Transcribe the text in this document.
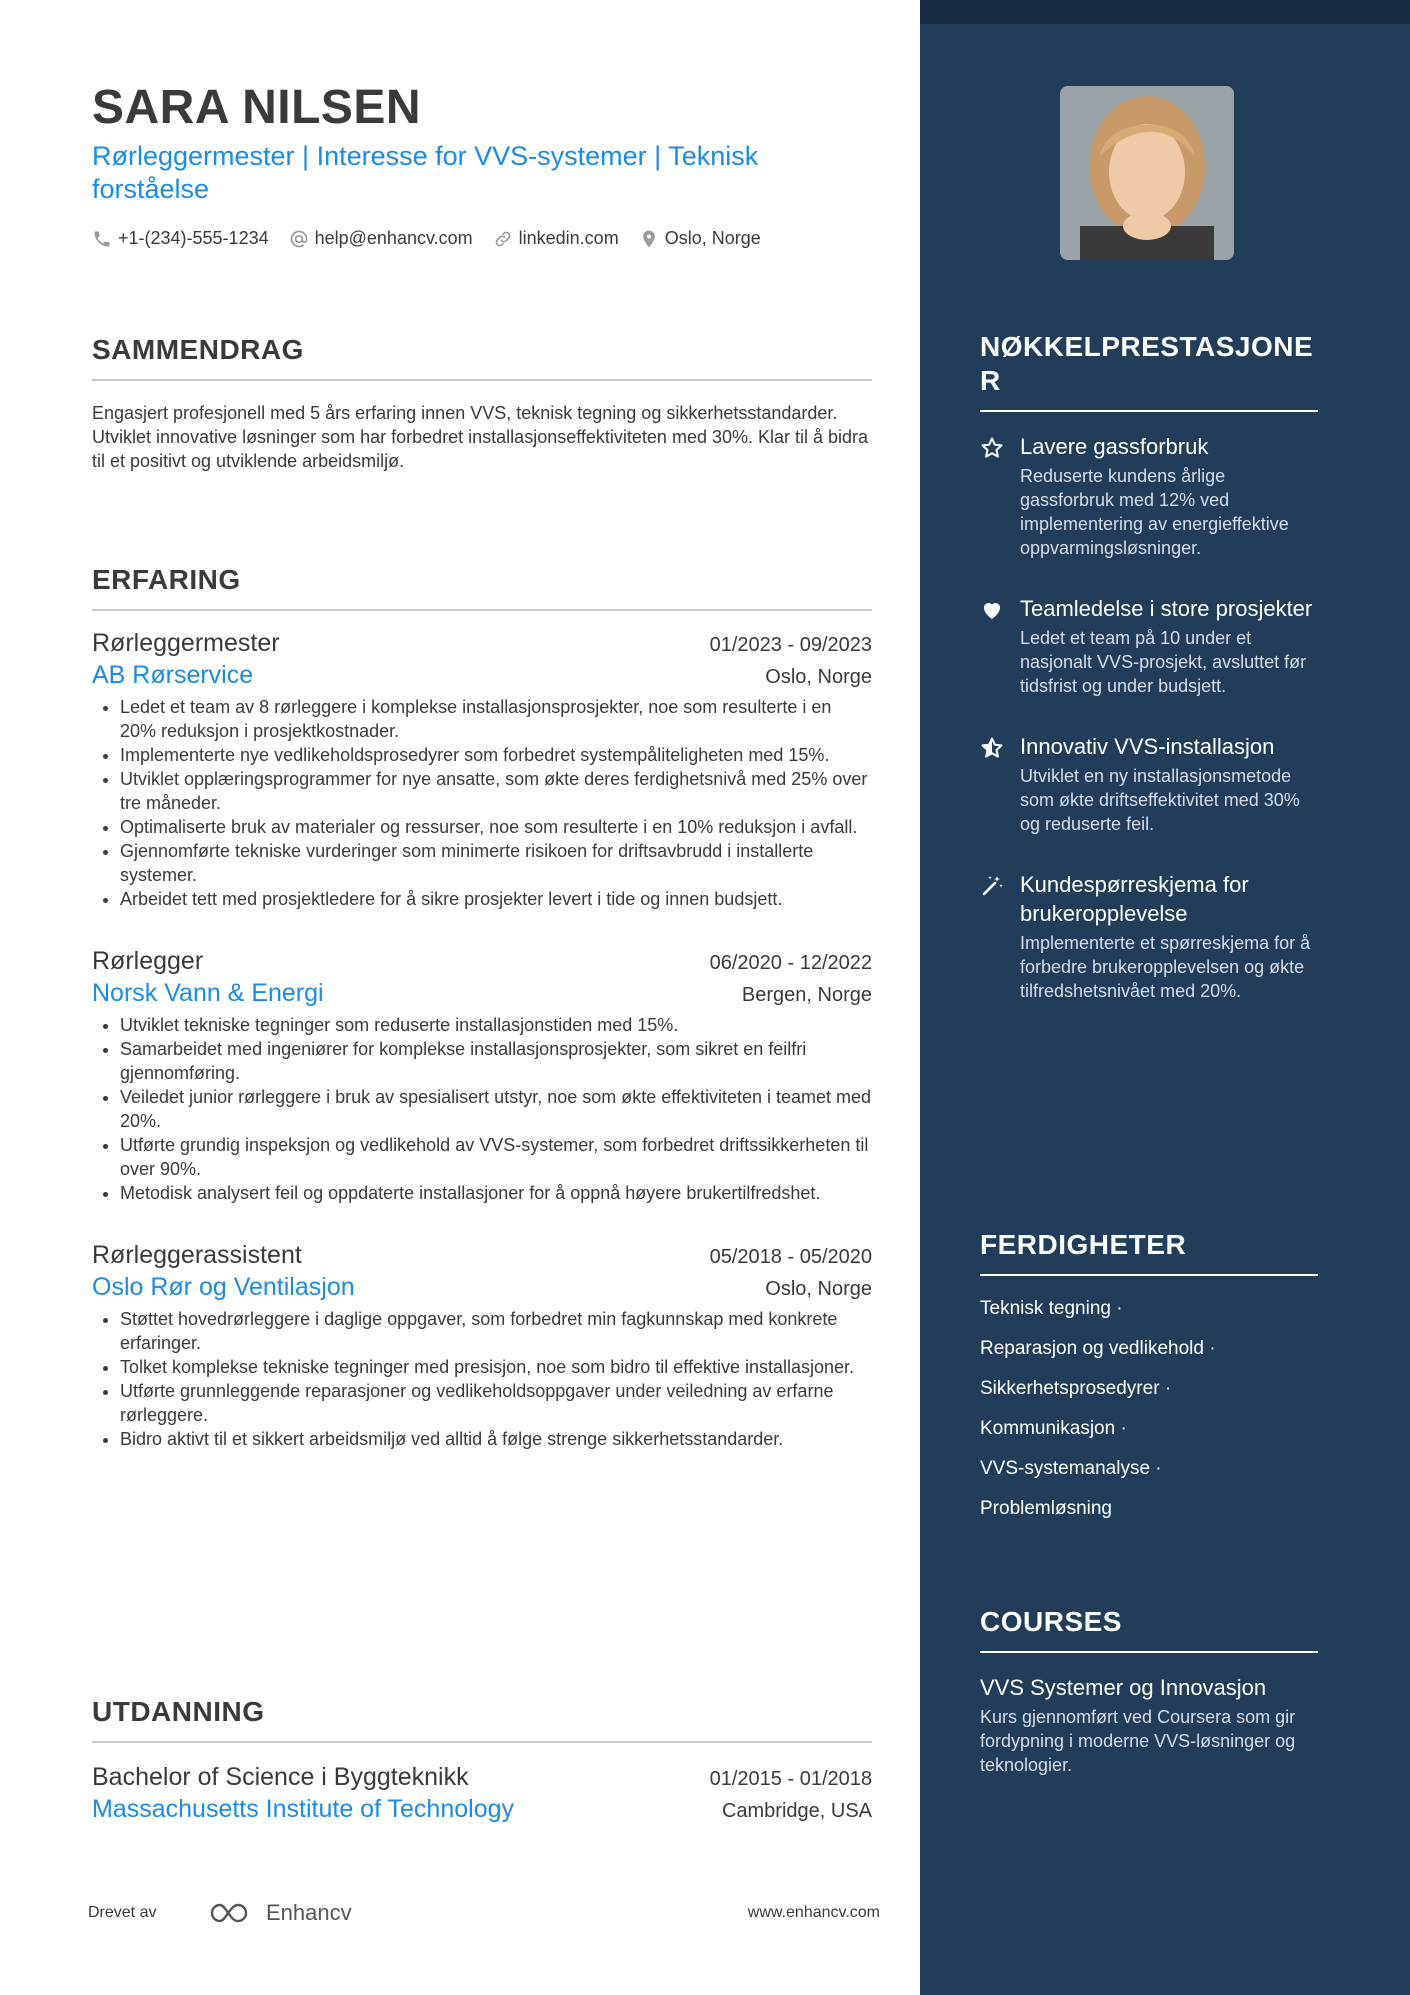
SARA NILSEN
Rørleggermester | Interesse for VVS-systemer | Teknisk forståelse
+1-(234)-555-1234	help@enhancv.com	linkedin.com	Oslo, Norge
SAMMENDRAG
Engasjert profesjonell med 5 års erfaring innen VVS, teknisk tegning og sikkerhetsstandarder. Utviklet innovative løsninger som har forbedret installasjonseffektiviteten med 30%. Klar til å bidra til et positivt og utviklende arbeidsmiljø.
ERFARING
Rørleggermester	01/2023 - 09/2023
AB Rørservice	Oslo, Norge
• Ledet et team av 8 rørleggere i komplekse installasjonsprosjekter, noe som resulterte i en 20% reduksjon i prosjektkostnader.
• Implementerte nye vedlikeholdsprosedyrer som forbedret systempåliteligheten med 15%.
• Utviklet opplæringsprogrammer for nye ansatte, som økte deres ferdighetsnivå med 25% over tre måneder.
• Optimaliserte bruk av materialer og ressurser, noe som resulterte i en 10% reduksjon i avfall.
• Gjennomførte tekniske vurderinger som minimerte risikoen for driftsavbrudd i installerte systemer.
• Arbeidet tett med prosjektledere for å sikre prosjekter levert i tide og innen budsjett.
Rørlegger	06/2020 - 12/2022
Norsk Vann & Energi	Bergen, Norge
• Utviklet tekniske tegninger som reduserte installasjonstiden med 15%.
• Samarbeidet med ingeniører for komplekse installasjonsprosjekter, som sikret en feilfri gjennomføring.
• Veiledet junior rørleggere i bruk av spesialisert utstyr, noe som økte effektiviteten i teamet med 20%.
• Utførte grundig inspeksjon og vedlikehold av VVS-systemer, som forbedret driftssikkerheten til over 90%.
• Metodisk analysert feil og oppdaterte installasjoner for å oppnå høyere brukertilfredshet.
Rørleggerassistent	05/2018 - 05/2020
Oslo Rør og Ventilasjon	Oslo, Norge
• Støttet hovedrørleggere i daglige oppgaver, som forbedret min fagkunnskap med konkrete erfaringer.
• Tolket komplekse tekniske tegninger med presisjon, noe som bidro til effektive installasjoner.
• Utførte grunnleggende reparasjoner og vedlikeholdsoppgaver under veiledning av erfarne rørleggere.
• Bidro aktivt til et sikkert arbeidsmiljø ved alltid å følge strenge sikkerhetsstandarder.
UTDANNING
Bachelor of Science i Byggteknikk	01/2015 - 01/2018
Massachusetts Institute of Technology	Cambridge, USA
Drevet av	Enhancv	www.enhancv.com
NØKKELPRESTASJONER
Lavere gassforbruk
Reduserte kundens årlige gassforbruk med 12% ved implementering av energieffektive oppvarmingsløsninger.
Teamledelse i store prosjekter
Ledet et team på 10 under et nasjonalt VVS-prosjekt, avsluttet før tidsfrist og under budsjett.
Innovativ VVS-installasjon
Utviklet en ny installasjonsmetode som økte driftseffektivitet med 30% og reduserte feil.
Kundespørreskjema for brukeropplevelse
Implementerte et spørreskjema for å forbedre brukeropplevelsen og økte tilfredshetsnivået med 20%.
FERDIGHETER
Teknisk tegning ·
Reparasjon og vedlikehold ·
Sikkerhetsprosedyrer ·
Kommunikasjon ·
VVS-systemanalyse ·
Problemløsning
COURSES
VVS Systemer og Innovasjon
Kurs gjennomført ved Coursera som gir fordypning i moderne VVS-løsninger og teknologier.
